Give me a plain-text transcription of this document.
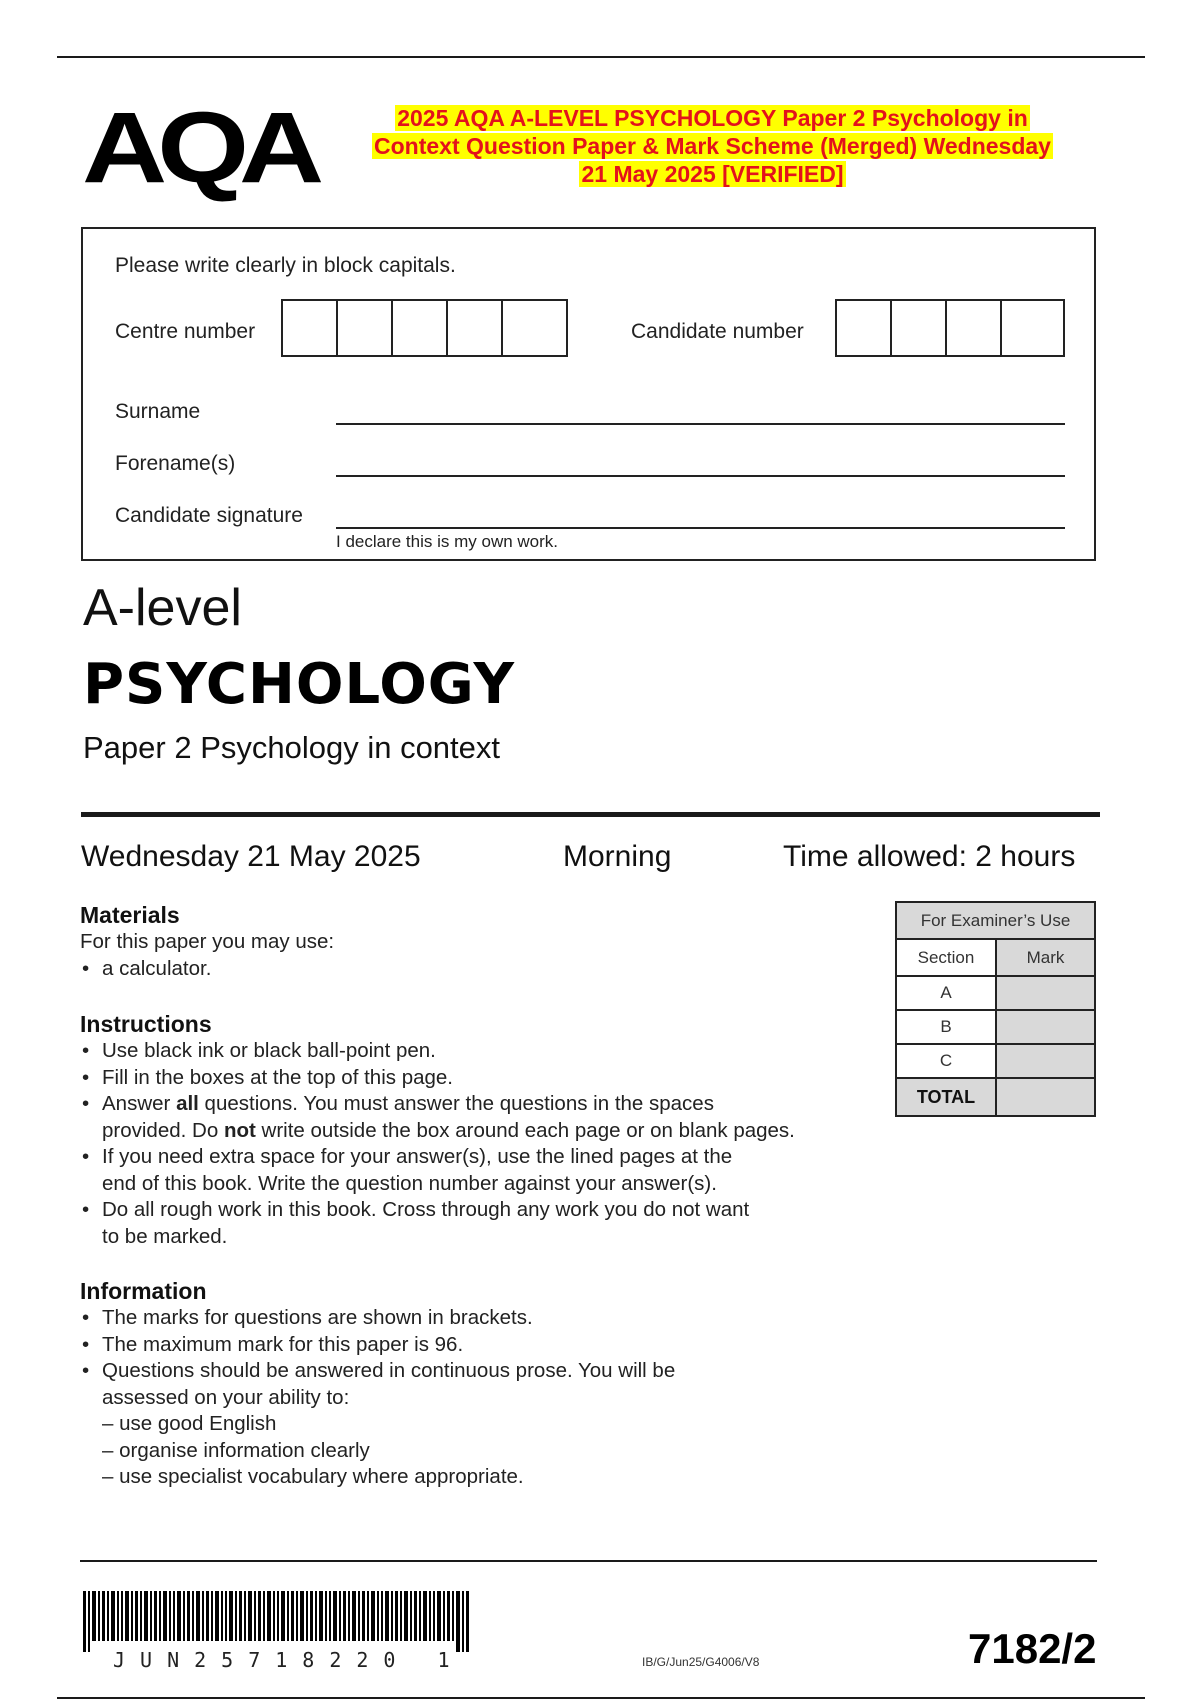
AQA	2025 AQA A-LEVEL PSYCHOLOGY Paper 2 Psychology in
Context Question Paper & Mark Scheme (Merged) Wednesday
21 May 2025 [VERIFIED]
Please write clearly in block capitals.
Centre number	Candidate number
Surname
Forename(s)
Candidate signature
I declare this is my own work.
A-level
PSYCHOLOGY
Paper 2 Psychology in context
Wednesday 21 May 2025	Morning	Time allowed: 2 hours
Materials
For this paper you may use:
• a calculator.
Instructions
• Use black ink or black ball-point pen.
• Fill in the boxes at the top of this page.
• Answer all questions. You must answer the questions in the spaces
provided. Do not write outside the box around each page or on blank pages.
• If you need extra space for your answer(s), use the lined pages at the
end of this book. Write the question number against your answer(s).
• Do all rough work in this book. Cross through any work you do not want
to be marked.
Information
• The marks for questions are shown in brackets.
• The maximum mark for this paper is 96.
• Questions should be answered in continuous prose. You will be
assessed on your ability to:
– use good English
– organise information clearly
– use specialist vocabulary where appropriate.
For Examiner’s Use	
Section	Mark
A	
B	
C	
TOTAL	
JUN25718220 1	IB/G/Jun25/G4006/V8	7182/2
